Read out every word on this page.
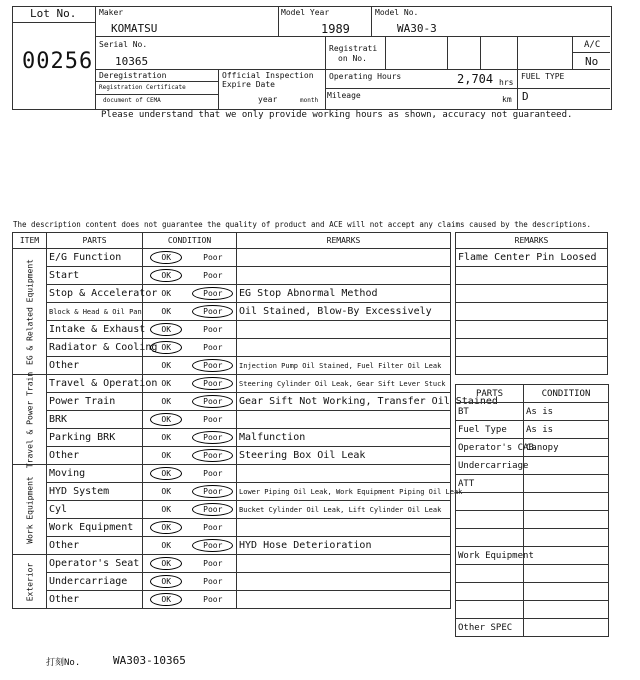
Lot No.
00256
Maker
KOMATSU
Model Year
1989
Model No.
WA30-3
Serial No.
10365
Registrati
on No.
A/C
No
Deregistration
Registration Certificate
document of CEMA
Official Inspection
Expire Date
year	month
Operating Hours	2,704 hrs
Mileage	km
FUEL TYPE
D
Please understand that we only provide working hours as shown, accuracy not guaranteed.
The description content does not guarantee the quality of product and ACE will not accept any claims caused by the descriptions.
ITEM	PARTS	CONDITION		REMARKS

EG & Related Equipment	E/G Function	OK	Poor	
	Start	OK	Poor	
	Stop & Accelerator	OK	Poor	EG Stop Abnormal Method
	Block & Head & Oil Pan	OK	Poor	Oil Stained, Blow-By Excessively
	Intake & Exhaust	OK	Poor	
	Radiator & Cooling	OK	Poor	
	Other	OK	Poor	Injection Pump Oil Stained, Fuel Filter Oil Leak

Travel & Power Train	Travel & Operation	OK	Poor	Steering Cylinder Oil Leak, Gear Sift Lever Stuck
	Power Train	OK	Poor	Gear Sift Not Working, Transfer Oil Stained
	BRK	OK	Poor	
	Parking BRK	OK	Poor	Malfunction
	Other	OK	Poor	Steering Box Oil Leak

Work Equipment	Moving	OK	Poor	
	HYD System	OK	Poor	Lower Piping Oil Leak, Work Equipment Piping Oil Leak
	Cyl	OK	Poor	Bucket Cylinder Oil Leak, Lift Cylinder Oil Leak
	Work Equipment	OK	Poor	
	Other	OK	Poor	HYD Hose Deterioration

Exterior	Operator's Seat	OK	Poor	
	Undercarriage	OK	Poor	
	Other	OK	Poor	
REMARKS
Flame Center Pin Loosed

PARTS	CONDITION
BT	As is
Fuel Type	As is
Operator's CAB	Canopy
Undercarriage	
ATT	

Work Equipment	

Other SPEC	
打刻No.	WA303-10365
